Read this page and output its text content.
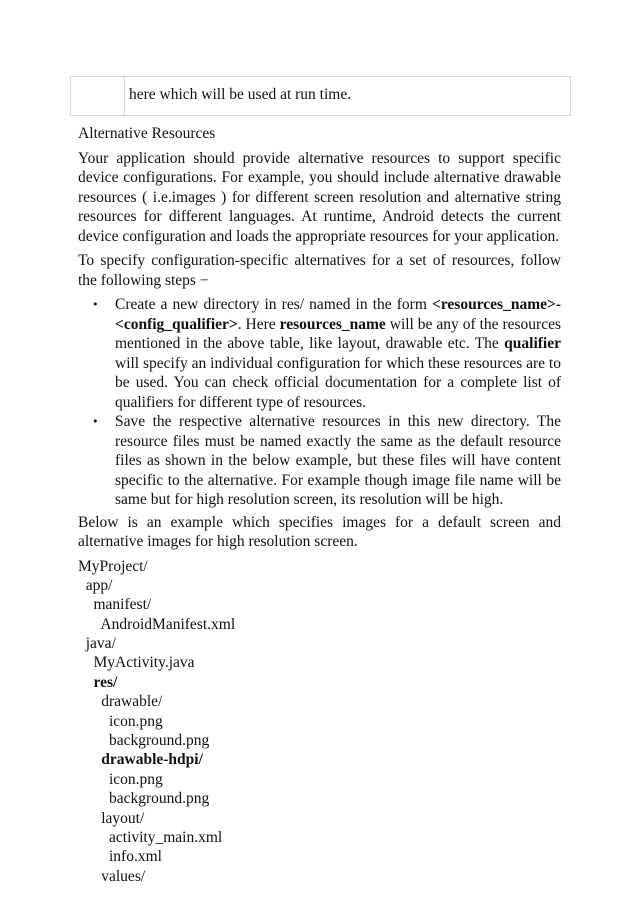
here which will be used at run time.
Alternative Resources

Your application should provide alternative resources to support specific device configurations. For example, you should include alternative drawable resources ( i.e.images ) for different screen resolution and alternative string resources for different languages. At runtime, Android detects the current device configuration and loads the appropriate resources for your application.

To specify configuration-specific alternatives for a set of resources, follow the following steps −

• Create a new directory in res/ named in the form <resources_name>-<config_qualifier>. Here resources_name will be any of the resources mentioned in the above table, like layout, drawable etc. The qualifier will specify an individual configuration for which these resources are to be used. You can check official documentation for a complete list of qualifiers for different type of resources.
• Save the respective alternative resources in this new directory. The resource files must be named exactly the same as the default resource files as shown in the below example, but these files will have content specific to the alternative. For example though image file name will be same but for high resolution screen, its resolution will be high.

Below is an example which specifies images for a default screen and alternative images for high resolution screen.

MyProject/
app/
manifest/
AndroidManifest.xml
java/
MyActivity.java
res/
drawable/
icon.png
background.png
drawable-hdpi/
icon.png
background.png
layout/
activity_main.xml
info.xml
values/
